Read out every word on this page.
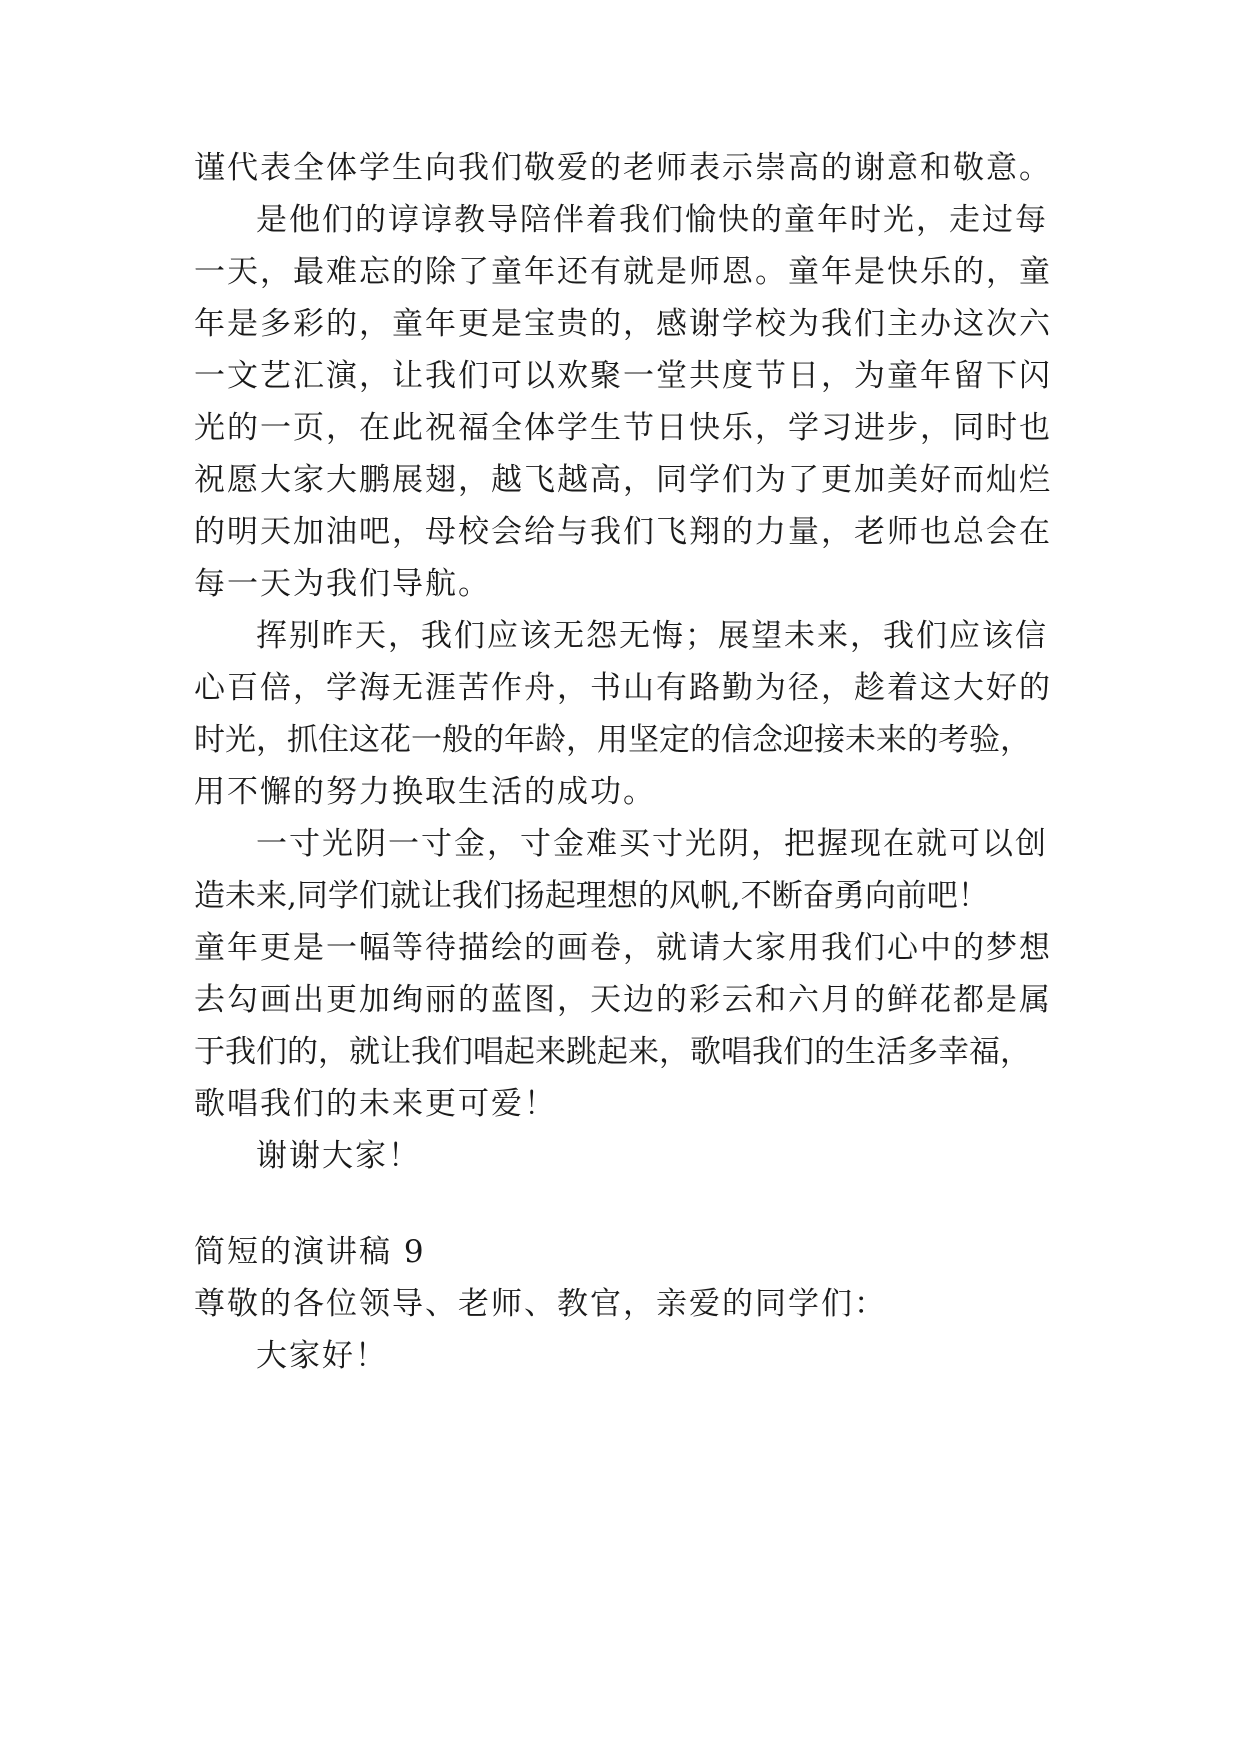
谨代表全体学生向我们敬爱的老师表示崇高的谢意和敬意。
是他们的谆谆教导陪伴着我们愉快的童年时光，走过每
一天，最难忘的除了童年还有就是师恩。童年是快乐的，童
年是多彩的，童年更是宝贵的，感谢学校为我们主办这次六
一文艺汇演，让我们可以欢聚一堂共度节日，为童年留下闪
光的一页，在此祝福全体学生节日快乐，学习进步，同时也
祝愿大家大鹏展翅，越飞越高，同学们为了更加美好而灿烂
的明天加油吧，母校会给与我们飞翔的力量，老师也总会在
每一天为我们导航。
挥别昨天，我们应该无怨无悔；展望未来，我们应该信
心百倍，学海无涯苦作舟，书山有路勤为径，趁着这大好的
时光，抓住这花一般的年龄，用坚定的信念迎接未来的考验，
用不懈的努力换取生活的成功。
一寸光阴一寸金，寸金难买寸光阴，把握现在就可以创
造未来,同学们就让我们扬起理想的风帆,不断奋勇向前吧！
童年更是一幅等待描绘的画卷，就请大家用我们心中的梦想
去勾画出更加绚丽的蓝图，天边的彩云和六月的鲜花都是属
于我们的，就让我们唱起来跳起来，歌唱我们的生活多幸福，
歌唱我们的未来更可爱！
谢谢大家！
简短的演讲稿 9
尊敬的各位领导、老师、教官，亲爱的同学们：
大家好！
